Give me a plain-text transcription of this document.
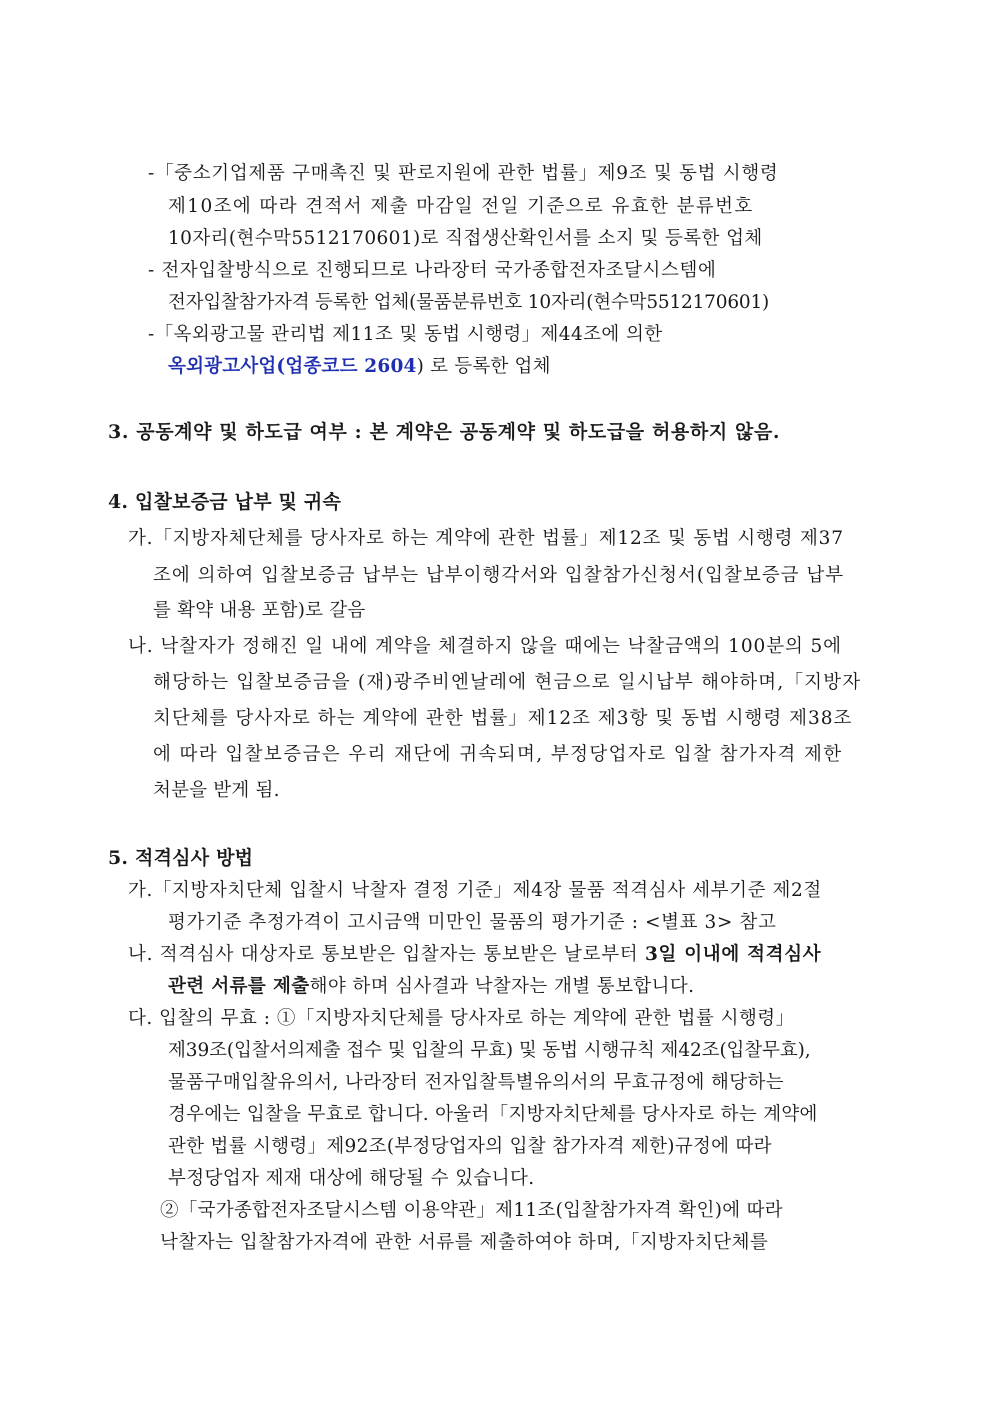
-「중소기업제품 구매촉진 및 판로지원에 관한 법률」제9조 및 동법 시행령
제10조에 따라 견적서 제출 마감일 전일 기준으로 유효한 분류번호
10자리(현수막5512170601)로 직접생산확인서를 소지 및 등록한 업체
- 전자입찰방식으로 진행되므로 나라장터 국가종합전자조달시스템에
전자입찰참가자격 등록한 업체(물품분류번호 10자리(현수막5512170601)
-「옥외광고물 관리법 제11조 및 동법 시행령」제44조에 의한
옥외광고사업(업종코드 2604) 로 등록한 업체
3. 공동계약 및 하도급 여부 : 본 계약은 공동계약 및 하도급을 허용하지 않음.
4. 입찰보증금 납부 및 귀속
가.「지방자체단체를 당사자로 하는 계약에 관한 법률」제12조 및 동법 시행령 제37
조에 의하여 입찰보증금 납부는 납부이행각서와 입찰참가신청서(입찰보증금 납부
를 확약 내용 포함)로 갈음
나. 낙찰자가 정해진 일 내에 계약을 체결하지 않을 때에는 낙찰금액의 100분의 5에
해당하는 입찰보증금을 (재)광주비엔날레에 현금으로 일시납부 해야하며,「지방자
치단체를 당사자로 하는 계약에 관한 법률」제12조 제3항 및 동법 시행령 제38조
에 따라 입찰보증금은 우리 재단에 귀속되며, 부정당업자로 입찰 참가자격 제한
처분을 받게 됨.
5. 적격심사 방법
가.「지방자치단체 입찰시 낙찰자 결정 기준」제4장 물품 적격심사 세부기준 제2절
평가기준 추정가격이 고시금액 미만인 물품의 평가기준 : <별표 3> 참고
나. 적격심사 대상자로 통보받은 입찰자는 통보받은 날로부터 3일 이내에 적격심사
관련 서류를 제출해야 하며 심사결과 낙찰자는 개별 통보합니다.
다. 입찰의 무효 : ①「지방자치단체를 당사자로 하는 계약에 관한 법률 시행령」
제39조(입찰서의제출 접수 및 입찰의 무효) 및 동법 시행규칙 제42조(입찰무효),
물품구매입찰유의서, 나라장터 전자입찰특별유의서의 무효규정에 해당하는
경우에는 입찰을 무효로 합니다. 아울러「지방자치단체를 당사자로 하는 계약에
관한 법률 시행령」제92조(부정당업자의 입찰 참가자격 제한)규정에 따라
부정당업자 제재 대상에 해당될 수 있습니다.
②「국가종합전자조달시스템 이용약관」제11조(입찰참가자격 확인)에 따라
낙찰자는 입찰참가자격에 관한 서류를 제출하여야 하며,「지방자치단체를
